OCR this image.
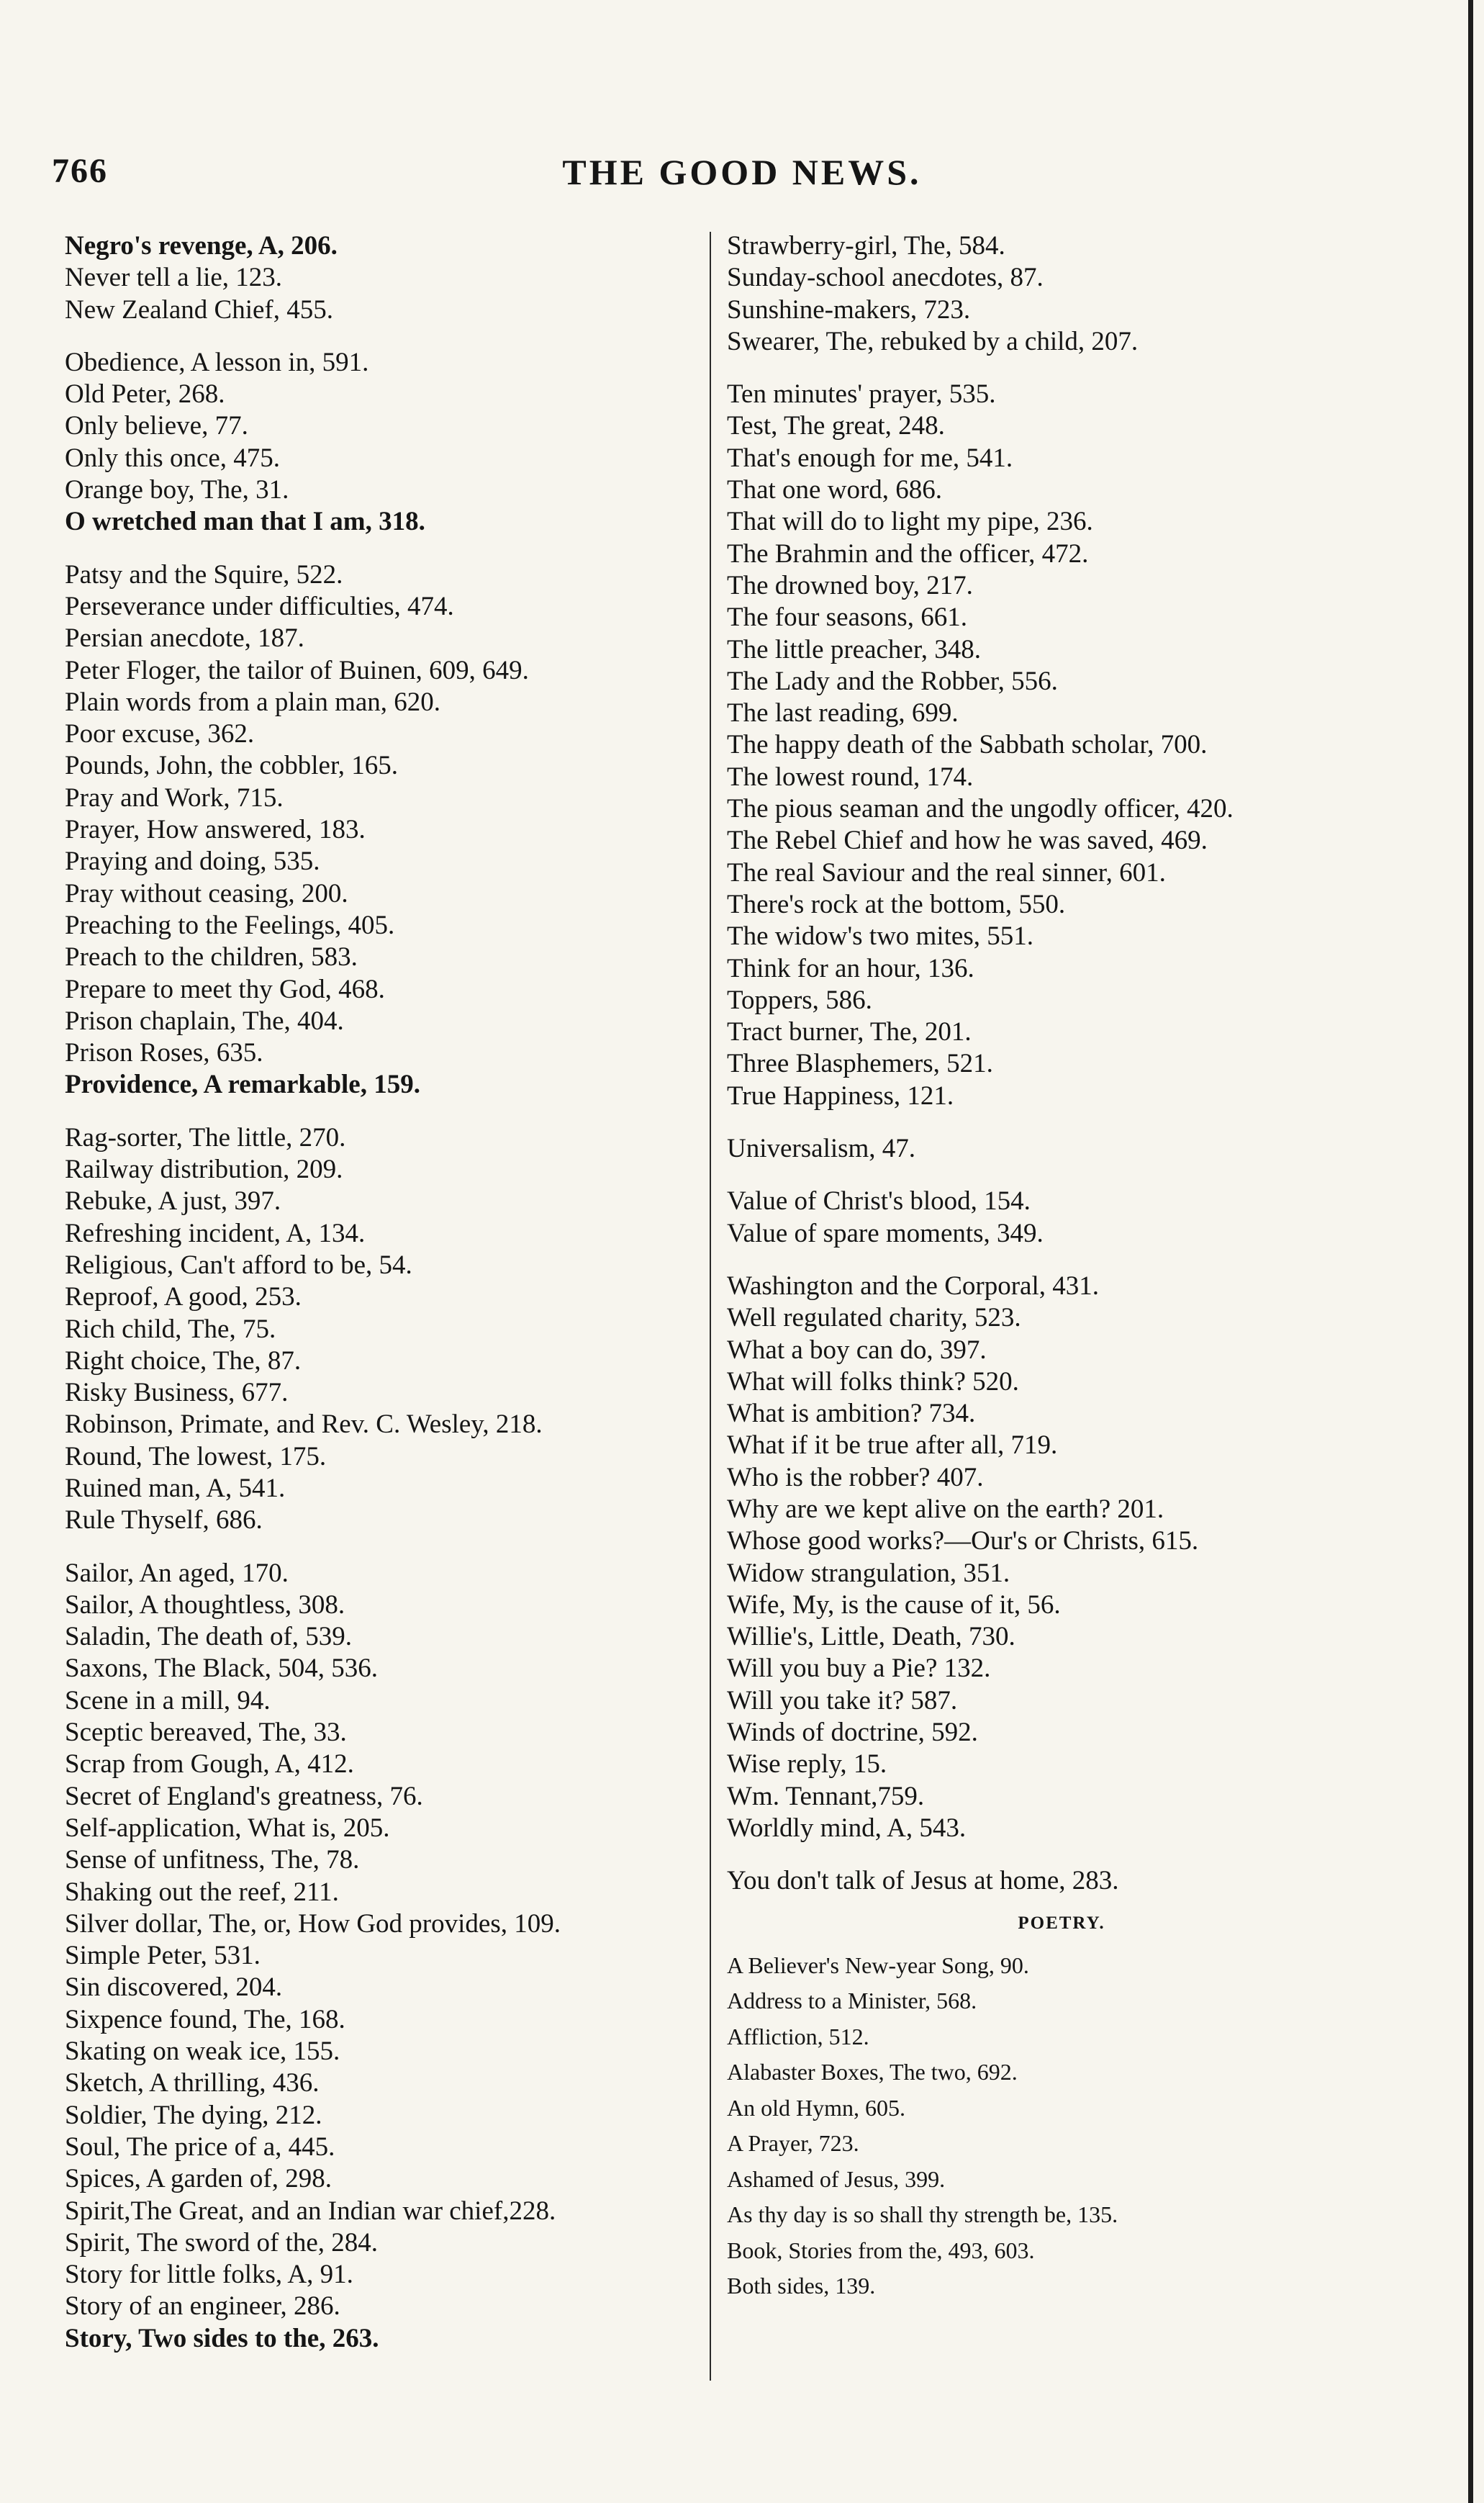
766	THE GOOD NEWS.
Negro's revenge, A, 206.
Never tell a lie, 123.
New Zealand Chief, 455.
Obedience, A lesson in, 591.
Old Peter, 268.
Only believe, 77.
Only this once, 475.
Orange boy, The, 31.
O wretched man that I am, 318.
Patsy and the Squire, 522.
Perseverance under difficulties, 474.
Persian anecdote, 187.
Peter Floger, the tailor of Buinen, 609, 649.
Plain words from a plain man, 620.
Poor excuse, 362.
Pounds, John, the cobbler, 165.
Pray and Work, 715.
Prayer, How answered, 183.
Praying and doing, 535.
Pray without ceasing, 200.
Preaching to the Feelings, 405.
Preach to the children, 583.
Prepare to meet thy God, 468.
Prison chaplain, The, 404.
Prison Roses, 635.
Providence, A remarkable, 159.
Rag-sorter, The little, 270.
Railway distribution, 209.
Rebuke, A just, 397.
Refreshing incident, A, 134.
Religious, Can't afford to be, 54.
Reproof, A good, 253.
Rich child, The, 75.
Right choice, The, 87.
Risky Business, 677.
Robinson, Primate, and Rev. C. Wesley, 218.
Round, The lowest, 175.
Ruined man, A, 541.
Rule Thyself, 686.
Sailor, An aged, 170.
Sailor, A thoughtless, 308.
Saladin, The death of, 539.
Saxons, The Black, 504, 536.
Scene in a mill, 94.
Sceptic bereaved, The, 33.
Scrap from Gough, A, 412.
Secret of England's greatness, 76.
Self-application, What is, 205.
Sense of unfitness, The, 78.
Shaking out the reef, 211.
Silver dollar, The, or, How God provides, 109.
Simple Peter, 531.
Sin discovered, 204.
Sixpence found, The, 168.
Skating on weak ice, 155.
Sketch, A thrilling, 436.
Soldier, The dying, 212.
Soul, The price of a, 445.
Spices, A garden of, 298.
Spirit,The Great, and an Indian war chief,228.
Spirit, The sword of the, 284.
Story for little folks, A, 91.
Story of an engineer, 286.
Story, Two sides to the, 263.
Strawberry-girl, The, 584.
Sunday-school anecdotes, 87.
Sunshine-makers, 723.
Swearer, The, rebuked by a child, 207.
Ten minutes' prayer, 535.
Test, The great, 248.
That's enough for me, 541.
That one word, 686.
That will do to light my pipe, 236.
The Brahmin and the officer, 472.
The drowned boy, 217.
The four seasons, 661.
The little preacher, 348.
The Lady and the Robber, 556.
The last reading, 699.
The happy death of the Sabbath scholar, 700.
The lowest round, 174.
The pious seaman and the ungodly officer, 420.
The Rebel Chief and how he was saved, 469.
The real Saviour and the real sinner, 601.
There's rock at the bottom, 550.
The widow's two mites, 551.
Think for an hour, 136.
Toppers, 586.
Tract burner, The, 201.
Three Blasphemers, 521.
True Happiness, 121.
Universalism, 47.
Value of Christ's blood, 154.
Value of spare moments, 349.
Washington and the Corporal, 431.
Well regulated charity, 523.
What a boy can do, 397.
What will folks think? 520.
What is ambition? 734.
What if it be true after all, 719.
Who is the robber? 407.
Why are we kept alive on the earth? 201.
Whose good works?—Our's or Christs, 615.
Widow strangulation, 351.
Wife, My, is the cause of it, 56.
Willie's, Little, Death, 730.
Will you buy a Pie? 132.
Will you take it? 587.
Winds of doctrine, 592.
Wise reply, 15.
Wm. Tennant,759.
Worldly mind, A, 543.
You don't talk of Jesus at home, 283.
POETRY.
A Believer's New-year Song, 90.
Address to a Minister, 568.
Affliction, 512.
Alabaster Boxes, The two, 692.
An old Hymn, 605.
A Prayer, 723.
Ashamed of Jesus, 399.
As thy day is so shall thy strength be, 135.
Book, Stories from the, 493, 603.
Both sides, 139.
